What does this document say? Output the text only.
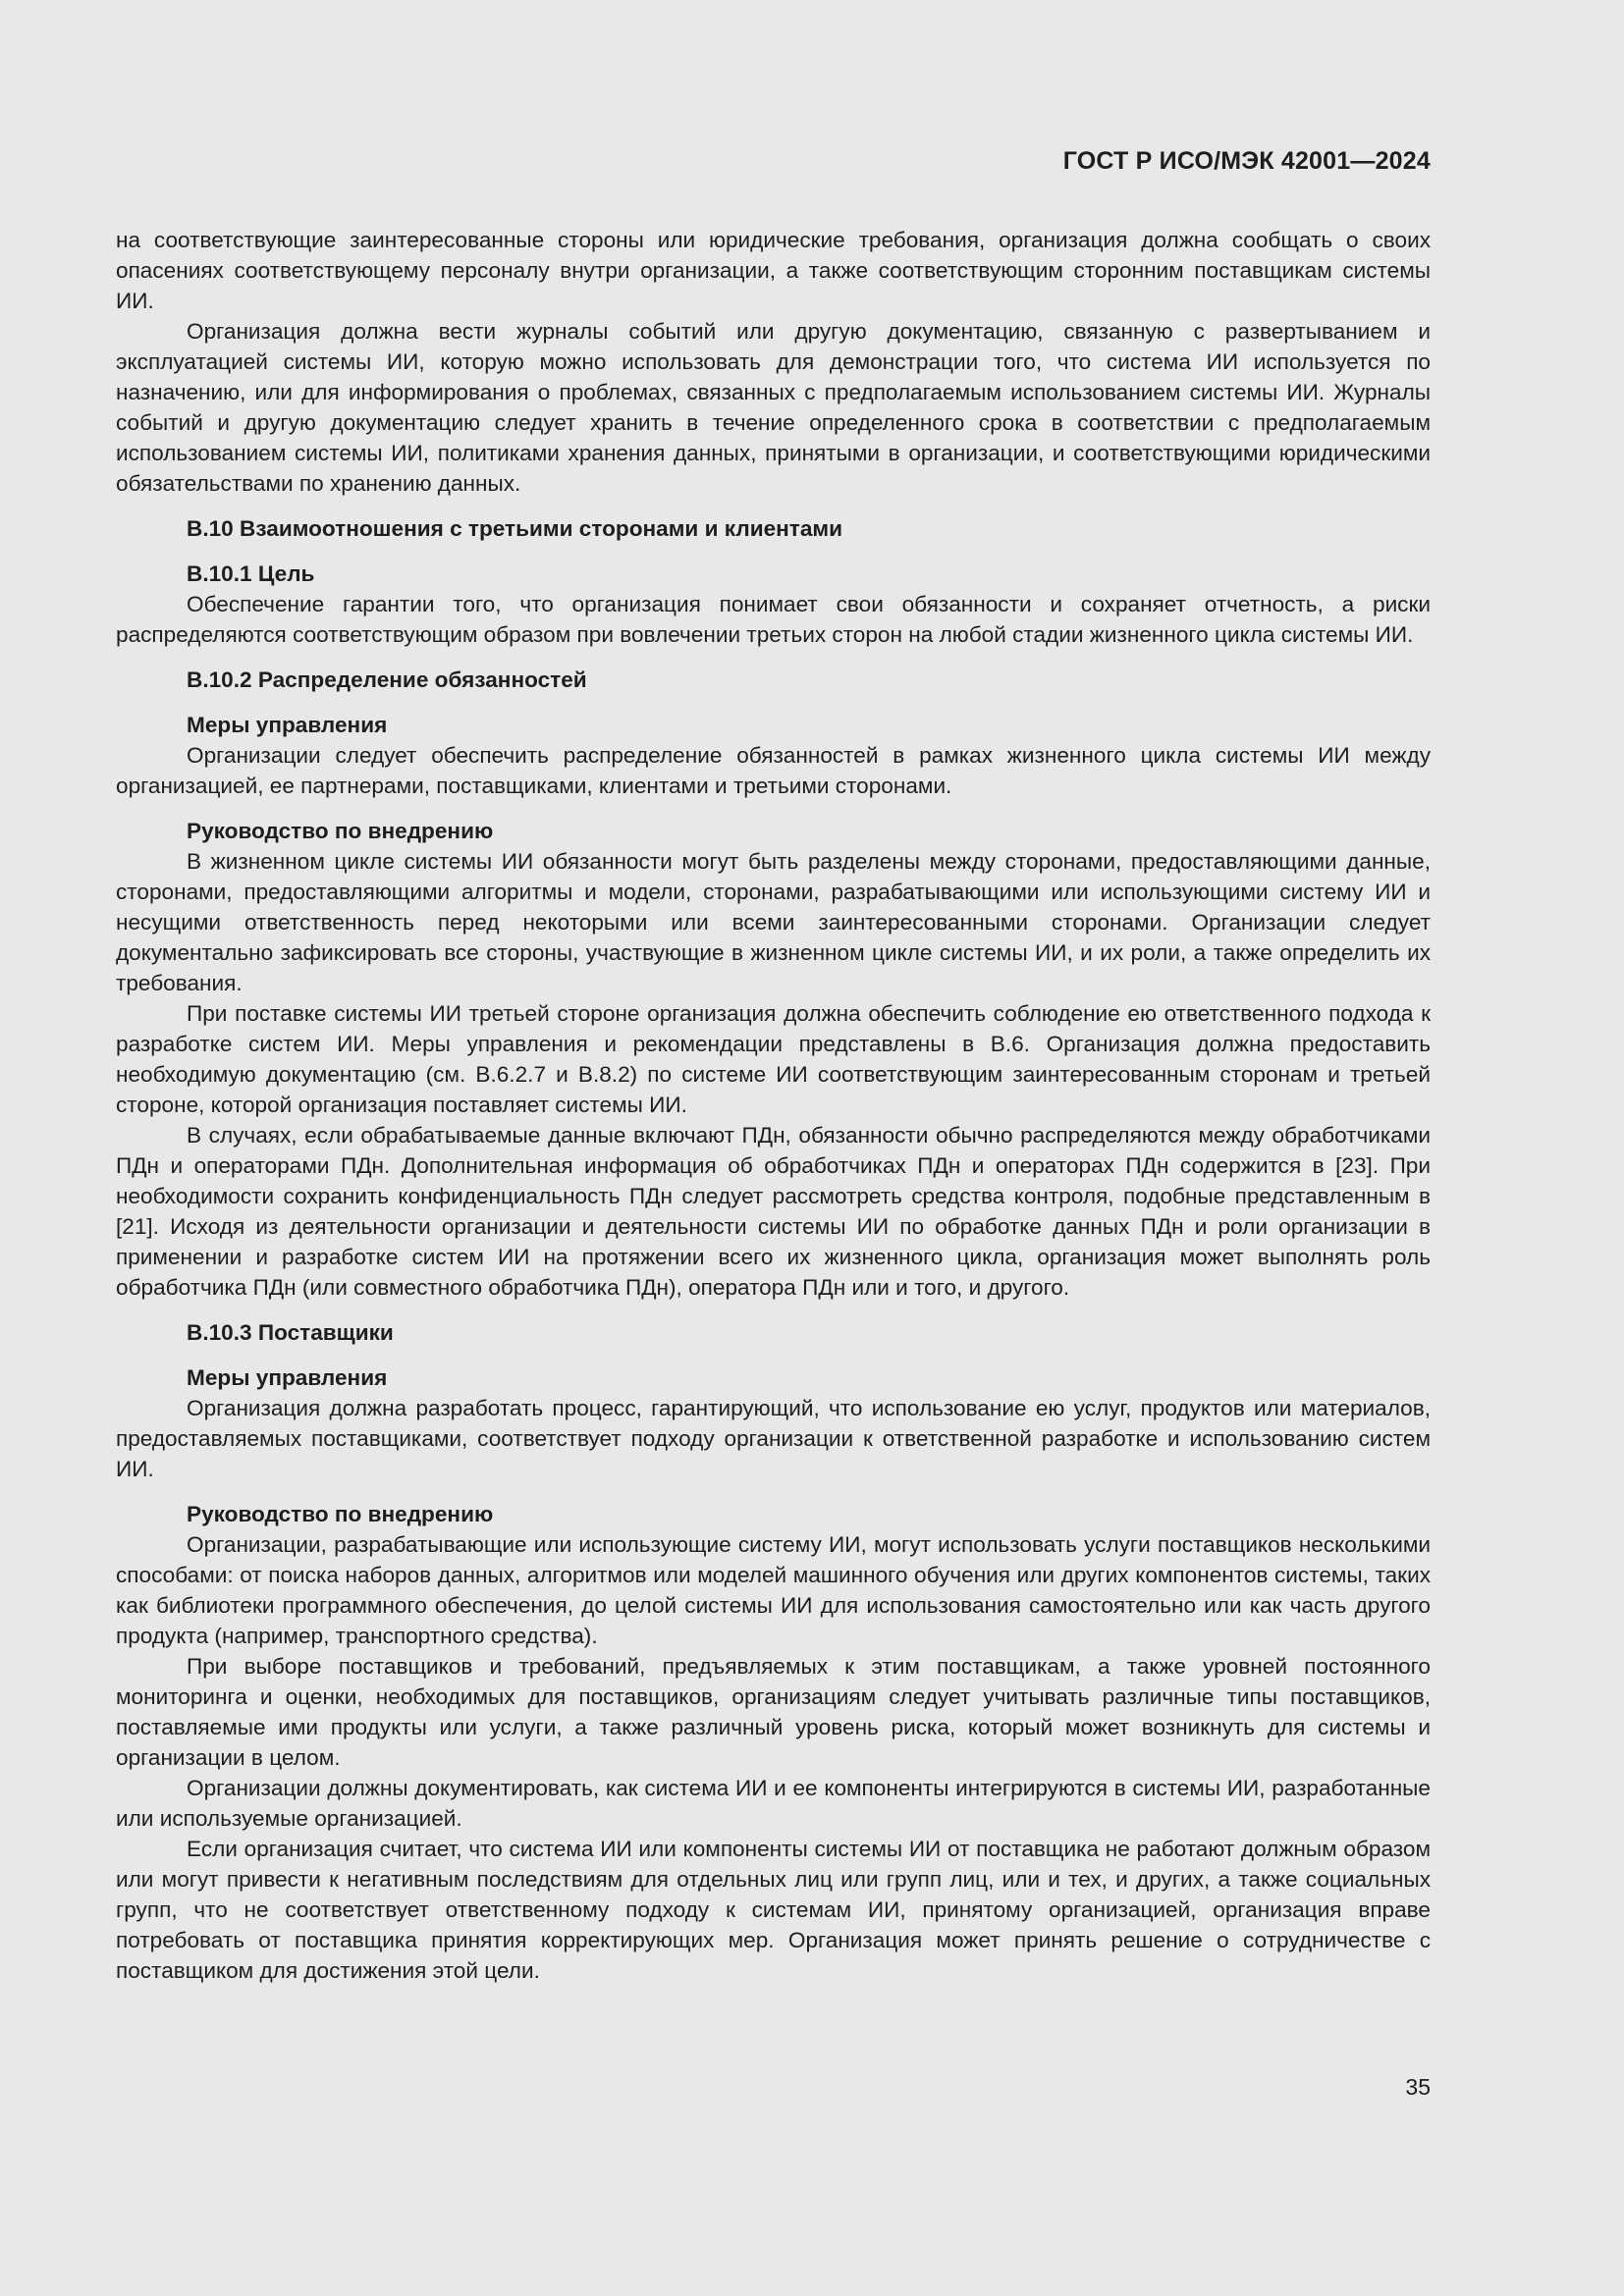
ГОСТ Р ИСО/МЭК 42001—2024

на соответствующие заинтересованные стороны или юридические требования, организация должна сообщать о своих опасениях соответствующему персоналу внутри организации, а также соответствующим сторонним поставщикам системы ИИ.

Организация должна вести журналы событий или другую документацию, связанную с развертыванием и эксплуатацией системы ИИ, которую можно использовать для демонстрации того, что система ИИ используется по назначению, или для информирования о проблемах, связанных с предполагаемым использованием системы ИИ. Журналы событий и другую документацию следует хранить в течение определенного срока в соответствии с предполагаемым использованием системы ИИ, политиками хранения данных, принятыми в организации, и соответствующими юридическими обязательствами по хранению данных.

В.10 Взаимоотношения с третьими сторонами и клиентами
В.10.1 Цель

Обеспечение гарантии того, что организация понимает свои обязанности и сохраняет отчетность, а риски распределяются соответствующим образом при вовлечении третьих сторон на любой стадии жизненного цикла системы ИИ.

В.10.2 Распределение обязанностей
Меры управления

Организации следует обеспечить распределение обязанностей в рамках жизненного цикла системы ИИ между организацией, ее партнерами, поставщиками, клиентами и третьими сторонами.

Руководство по внедрению

В жизненном цикле системы ИИ обязанности могут быть разделены между сторонами, предоставляющими данные, сторонами, предоставляющими алгоритмы и модели, сторонами, разрабатывающими или использующими систему ИИ и несущими ответственность перед некоторыми или всеми заинтересованными сторонами. Организации следует документально зафиксировать все стороны, участвующие в жизненном цикле системы ИИ, и их роли, а также определить их требования.

При поставке системы ИИ третьей стороне организация должна обеспечить соблюдение ею ответственного подхода к разработке систем ИИ. Меры управления и рекомендации представлены в В.6. Организация должна предоставить необходимую документацию (см. В.6.2.7 и В.8.2) по системе ИИ соответствующим заинтересованным сторонам и третьей стороне, которой организация поставляет системы ИИ.

В случаях, если обрабатываемые данные включают ПДн, обязанности обычно распределяются между обработчиками ПДн и операторами ПДн. Дополнительная информация об обработчиках ПДн и операторах ПДн содержится в [23]. При необходимости сохранить конфиденциальность ПДн следует рассмотреть средства контроля, подобные представленным в [21]. Исходя из деятельности организации и деятельности системы ИИ по обработке данных ПДн и роли организации в применении и разработке систем ИИ на протяжении всего их жизненного цикла, организация может выполнять роль обработчика ПДн (или совместного обработчика ПДн), оператора ПДн или и того, и другого.

В.10.3 Поставщики
Меры управления

Организация должна разработать процесс, гарантирующий, что использование ею услуг, продуктов или материалов, предоставляемых поставщиками, соответствует подходу организации к ответственной разработке и использованию систем ИИ.

Руководство по внедрению

Организации, разрабатывающие или использующие систему ИИ, могут использовать услуги поставщиков несколькими способами: от поиска наборов данных, алгоритмов или моделей машинного обучения или других компонентов системы, таких как библиотеки программного обеспечения, до целой системы ИИ для использования самостоятельно или как часть другого продукта (например, транспортного средства).

При выборе поставщиков и требований, предъявляемых к этим поставщикам, а также уровней постоянного мониторинга и оценки, необходимых для поставщиков, организациям следует учитывать различные типы поставщиков, поставляемые ими продукты или услуги, а также различный уровень риска, который может возникнуть для системы и организации в целом.

Организации должны документировать, как система ИИ и ее компоненты интегрируются в системы ИИ, разработанные или используемые организацией.

Если организация считает, что система ИИ или компоненты системы ИИ от поставщика не работают должным образом или могут привести к негативным последствиям для отдельных лиц или групп лиц, или и тех, и других, а также социальных групп, что не соответствует ответственному подходу к системам ИИ, принятому организацией, организация вправе потребовать от поставщика принятия корректирующих мер. Организация может принять решение о сотрудничестве с поставщиком для достижения этой цели.

35
